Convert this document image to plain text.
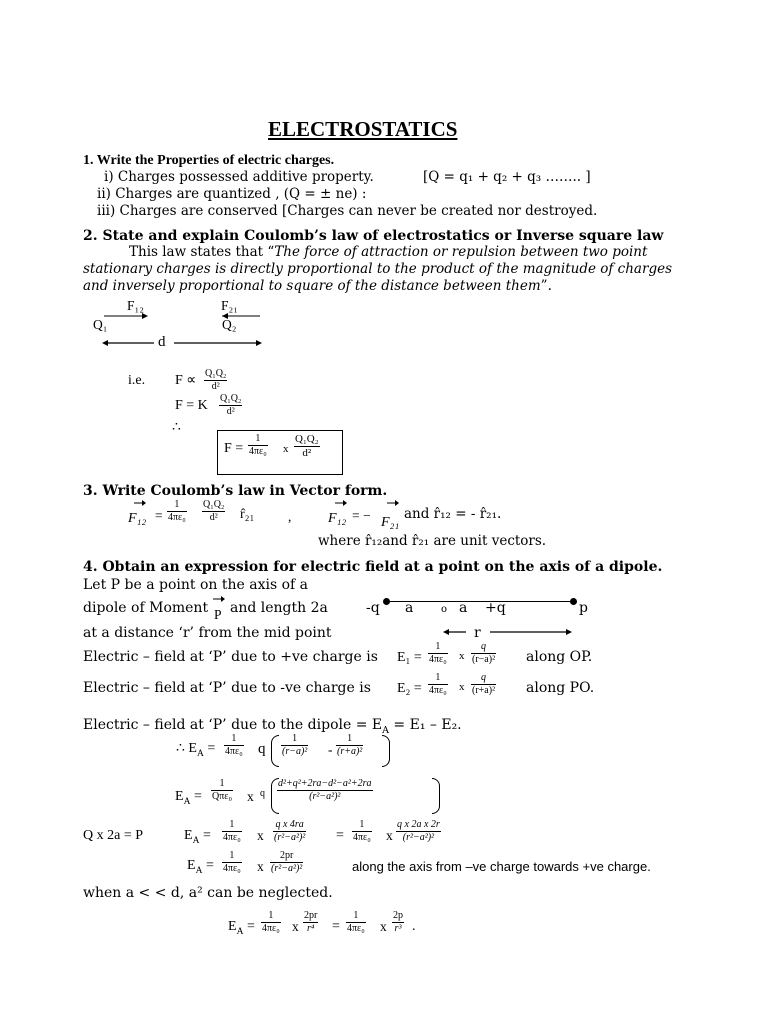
ELECTROSTATICS
1. Write the Properties of electric charges.
i) Charges possessed additive property.	[Q = q₁ + q₂ + q₃ …….. ]
ii) Charges are quantized , (Q = ± ne) :
iii) Charges are conserved [Charges can never be created nor destroyed.
2. State and explain Coulomb’s law of electrostatics or Inverse square law
This law states that “The force of attraction or repulsion between two point
stationary charges is directly proportional to the product of the magnitude of charges
and inversely proportional to square of the distance between them”.
F₁₂	F₂₁
Q₁	Q₂
d
i.e. $F \propto \frac{\text{Q₁Q₂}}{\text{d²}}$
F = K $\frac{\text{Q₁Q₂}}{\text{d²}}$
∴
$F = \frac{1}{\text{4πε₀}}$ x $\frac{\text{Q₁Q₂}}{\text{d²}}$
3. Write Coulomb’s law in Vector form.
$F_{12} = \frac{1}{\text{4πε₀}} \frac{\text{Q₁Q₂}}{\text{d²}}$ r̂₂₁ ,	F₁₂ = − F₂₁
and r̂₁₂ = - r̂₂₁.
where r̂₁₂and r̂₂₁ are unit vectors.
4. Obtain an expression for electric field at a point on the axis of a dipole.
Let P be a point on the axis of a
dipole of Moment P and length 2a	-q a	o a +q	p
at a distance ‘r’ from the mid point	r
Electric – field at ‘P’ due to +ve charge is $E_1 = \frac{1}{\text{4πε₀}}$ x $\frac{q}{\text{(r−a)²}}$ along OP.
Electric – field at ‘P’ due to -ve charge is $E_2 = \frac{1}{\text{4πε₀}}$ x $\frac{q}{\text{(r+a)²}}$ along PO.
Electric – field at ‘P’ due to the dipole = $E_A = E_1 - E_2$.
∴ $E_A = \frac{1}{\text{4πε₀}}$ q $\frac{1}{\text{(r−a)²}} - \frac{1}{\text{(r+a)²}}$
$E_A$ =
1
Qπε₀ x q $\frac{\text{d²+q²+2ra−d²−a²+2ra}}{\text{(r²−a²)²}}$
Q x 2a = P	$E_A = \frac{1}{\text{4πε₀}}$ x $\frac{\text{q x 4ra}}{\text{(r²−a²)²}} = \frac{1}{\text{4πε₀}}$ x $\frac{\text{q x 2a x 2r}}{\text{(r²−a²)²}}$
$E_A = \frac{1}{\text{4πε₀}}$ x $\frac{2pr}{\text{(r²−a²)²}}$	along the axis from –ve charge towards +ve charge.
when a < < d, a² can be neglected.
$E_A = \frac{1}{\text{4πε₀}}$ x $\frac{2pr}{\text{r⁴}} = \frac{1}{\text{4πε₀}}$ x $\frac{2p}{\text{r³}}$ .
